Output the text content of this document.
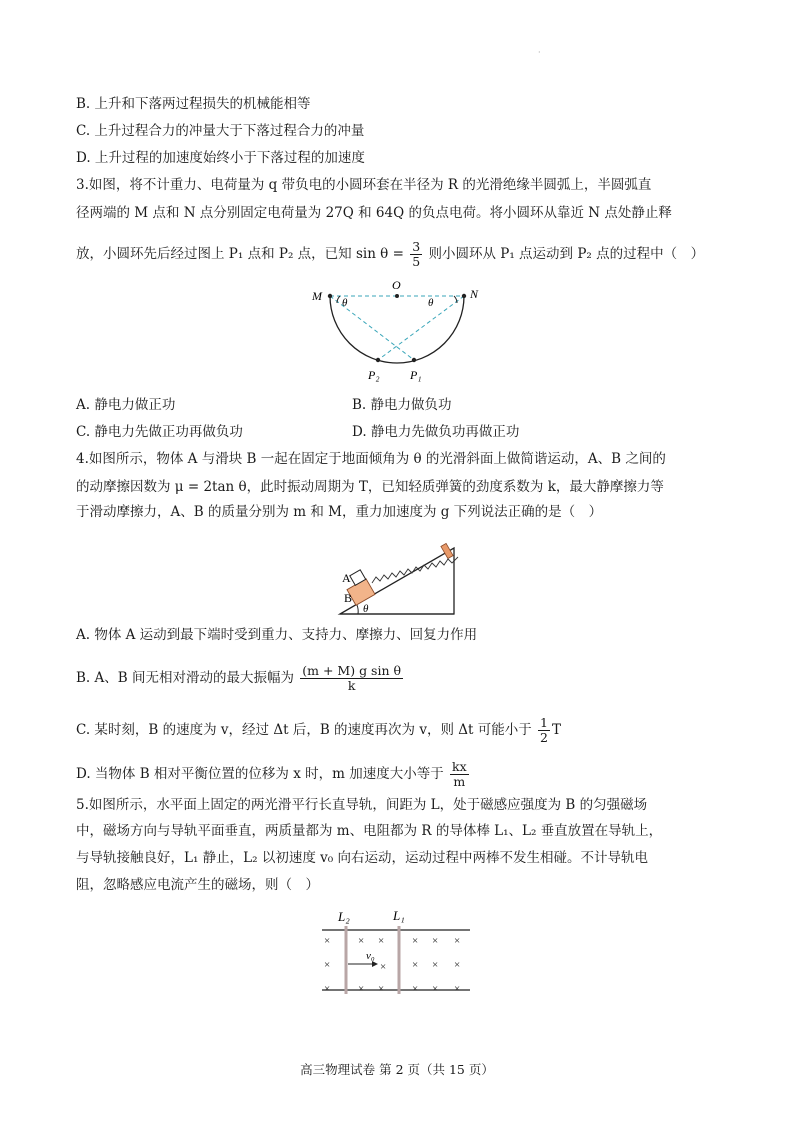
·
B. 上升和下落两过程损失的机械能相等
C. 上升过程合力的冲量大于下落过程合力的冲量
D. 上升过程的加速度始终小于下落过程的加速度
3.如图，将不计重力、电荷量为 q 带负电的小圆环套在半径为 R 的光滑绝缘半圆弧上，半圆弧直
径两端的 M 点和 N 点分别固定电荷量为 27Q 和 64Q 的负点电荷。将小圆环从靠近 N 点处静止释
放，小圆环先后经过图上 P₁ 点和 P₂ 点，已知 $\sin \theta = \frac{3}{5}$ 则小圆环从 P₁ 点运动到 P₂ 点的过程中（　）
M	N
O
θ	θ
P₂	P₁
A. 静电力做正功	B. 静电力做负功
C. 静电力先做正功再做负功	D. 静电力先做负功再做正功
4.如图所示，物体 A 与滑块 B 一起在固定于地面倾角为 θ 的光滑斜面上做简谐运动，A、B 之间的
的动摩擦因数为 μ = 2tan θ，此时振动周期为 T，已知轻质弹簧的劲度系数为 k，最大静摩擦力等
于滑动摩擦力，A、B 的质量分别为 m 和 M，重力加速度为 g 下列说法正确的是（　）
A
B
θ
A. 物体 A 运动到最下端时受到重力、支持力、摩擦力、回复力作用
B. A、B 间无相对滑动的最大振幅为 $\frac{\text{(m + M) g sin θ}}{k}$
C. 某时刻，B 的速度为 v，经过 Δt 后，B 的速度再次为 v，则 Δt 可能小于 $\frac{1}{2}$ T
D. 当物体 B 相对平衡位置的位移为 x 时，m 加速度大小等于 $\frac{kx}{m}$
5.如图所示，水平面上固定的两光滑平行长直导轨，间距为 L，处于磁感应强度为 B 的匀强磁场
中，磁场方向与导轨平面垂直，两质量都为 m、电阻都为 R 的导体棒 L₁、L₂ 垂直放置在导轨上，
与导轨接触良好，L₁ 静止，L₂ 以初速度 v₀ 向右运动，运动过程中两棒不发生相碰。不计导轨电
阻，忽略感应电流产生的磁场，则（　）
L₂	L₁
v₀
×	× ×	× × ×
×	× × × ×
×	× ×	× × ×
高三物理试卷 第 2 页（共 15 页）
